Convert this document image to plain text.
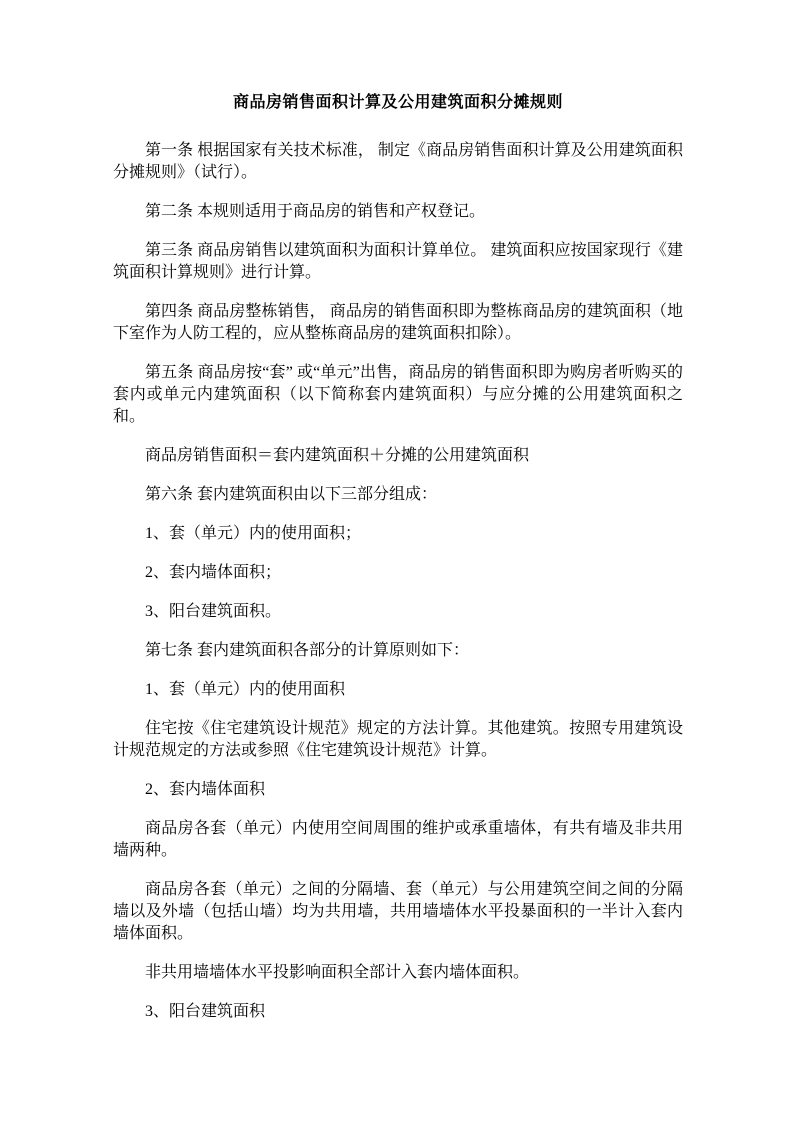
商品房销售面积计算及公用建筑面积分摊规则

第一条 根据国家有关技术标准， 制定《商品房销售面积计算及公用建筑面积分摊规则》（试行）。

第二条 本规则适用于商品房的销售和产权登记。

第三条 商品房销售以建筑面积为面积计算单位。 建筑面积应按国家现行《建筑面积计算规则》进行计算。

第四条 商品房整栋销售， 商品房的销售面积即为整栋商品房的建筑面积（地下室作为人防工程的，应从整栋商品房的建筑面积扣除）。

第五条 商品房按“套” 或“单元”出售，商品房的销售面积即为购房者听购买的套内或单元内建筑面积（以下简称套内建筑面积）与应分摊的公用建筑面积之和。

商品房销售面积＝套内建筑面积＋分摊的公用建筑面积

第六条 套内建筑面积由以下三部分组成：

1、套（单元）内的使用面积；

2、套内墙体面积；

3、阳台建筑面积。

第七条 套内建筑面积各部分的计算原则如下：

1、套（单元）内的使用面积

住宅按《住宅建筑设计规范》规定的方法计算。其他建筑。按照专用建筑设计规范规定的方法或参照《住宅建筑设计规范》计算。

2、套内墙体面积

商品房各套（单元）内使用空间周围的维护或承重墙体，有共有墙及非共用墙两种。

商品房各套（单元）之间的分隔墙、套（单元）与公用建筑空间之间的分隔墙以及外墙（包括山墙）均为共用墙，共用墙墙体水平投暴面积的一半计入套内墙体面积。

非共用墙墙体水平投影响面积全部计入套内墙体面积。

3、阳台建筑面积
